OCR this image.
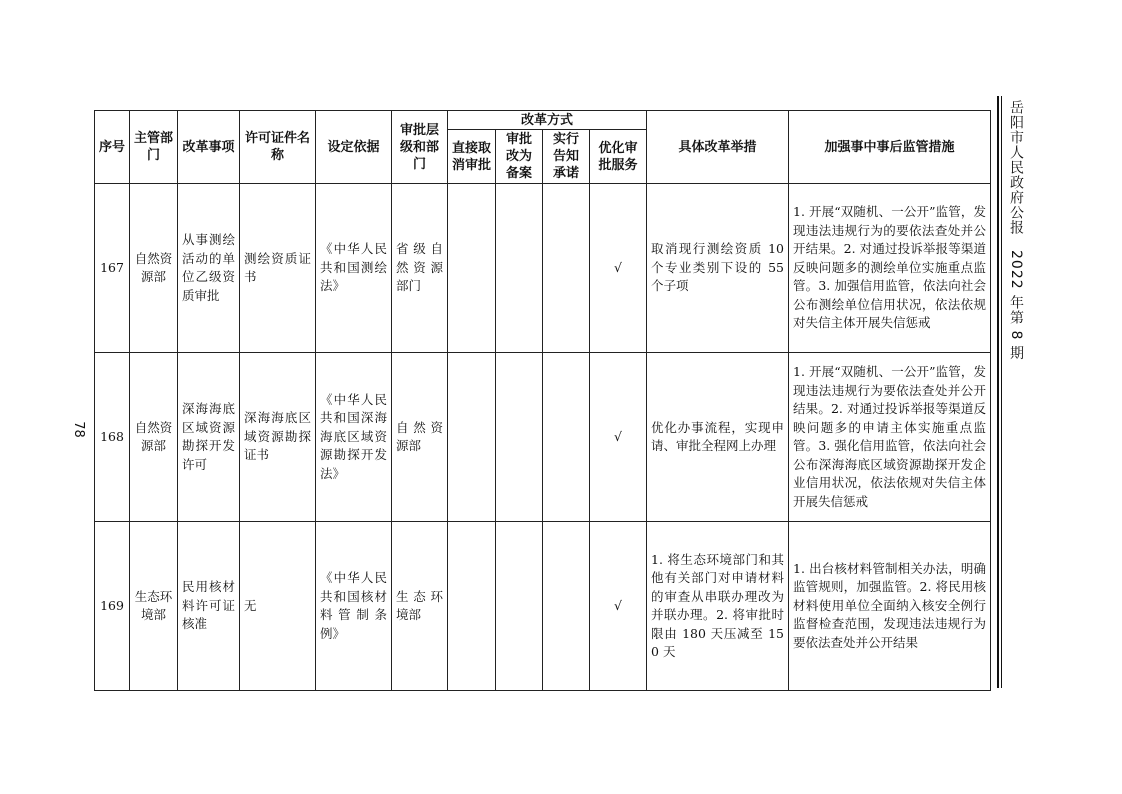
78
序号	主管部门	改革事项	许可证件名称	设定依据	审批层级和部门	改革方式				具体改革举措	加强事中事后监管措施
						直接取消审批	审批改为备案	实行告知承诺	优化审批服务		
167	自然资源部	从事测绘活动的单位乙级资质审批	测绘资质证书	《中华人民共和国测绘法》	省级自然资源部门				√	取消现行测绘资质 10 个专业类别下设的 55 个子项	1. 开展“双随机、一公开”监管，发现违法违规行为的要依法查处并公开结果。2. 对通过投诉举报等渠道反映问题多的测绘单位实施重点监管。3. 加强信用监管，依法向社会公布测绘单位信用状况，依法依规对失信主体开展失信惩戒
168	自然资源部	深海海底区域资源勘探开发许可	深海海底区域资源勘探证书	《中华人民共和国深海海底区域资源勘探开发法》	自然资源部				√	优化办事流程，实现申请、审批全程网上办理	1. 开展“双随机、一公开”监管，发现违法违规行为要依法查处并公开结果。2. 对通过投诉举报等渠道反映问题多的申请主体实施重点监管。3. 强化信用监管，依法向社会公布深海海底区域资源勘探开发企业信用状况，依法依规对失信主体开展失信惩戒
169	生态环境部	民用核材料许可证核准	无	《中华人民共和国核材料管制条例》	生态环境部				√	1. 将生态环境部门和其他有关部门对申请材料的审查从串联办理改为并联办理。2. 将审批时限由 180 天压减至 150 天	1. 出台核材料管制相关办法，明确监管规则，加强监管。2. 将民用核材料使用单位全面纳入核安全例行监督检查范围，发现违法违规行为要依法查处并公开结果
岳阳市人民政府公报　2022 年第 8 期
